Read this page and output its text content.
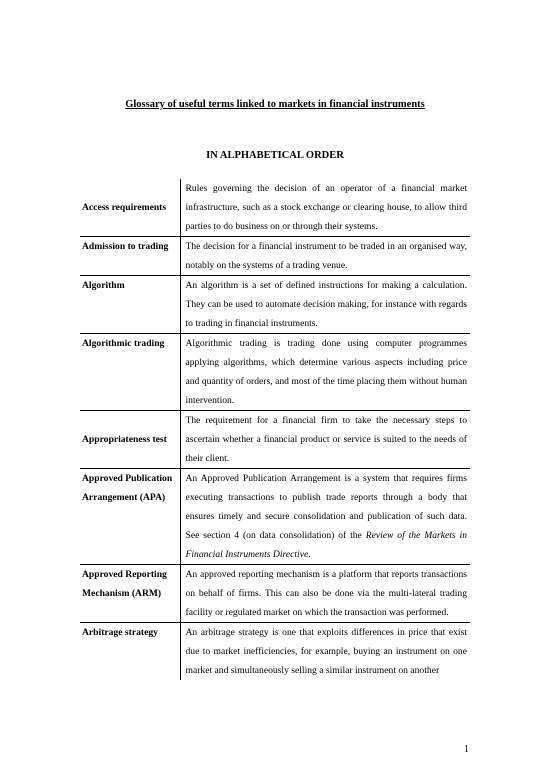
Glossary of useful terms linked to markets in financial instruments
IN ALPHABETICAL ORDER
Access requirements	Rules governing the decision of an operator of a financial market infrastructure, such as a stock exchange or clearing house, to allow third parties to do business on or through their systems.
Admission to trading	The decision for a financial instrument to be traded in an organised way, notably on the systems of a trading venue.
Algorithm	An algorithm is a set of defined instructions for making a calculation. They can be used to automate decision making, for instance with regards to trading in financial instruments.
Algorithmic trading	Algorithmic trading is trading done using computer programmes applying algorithms, which determine various aspects including price and quantity of orders, and most of the time placing them without human intervention.
Appropriateness test	The requirement for a financial firm to take the necessary steps to ascertain whether a financial product or service is suited to the needs of their client.
Approved Publication Arrangement (APA)	An Approved Publication Arrangement is a system that requires firms executing transactions to publish trade reports through a body that ensures timely and secure consolidation and publication of such data. See section 4 (on data consolidation) of the Review of the Markets in Financial Instruments Directive.
Approved Reporting Mechanism (ARM)	An approved reporting mechanism is a platform that reports transactions on behalf of firms. This can also be done via the multi-lateral trading facility or regulated market on which the transaction was performed.
Arbitrage strategy	An arbitrage strategy is one that exploits differences in price that exist due to market inefficiencies, for example, buying an instrument on one market and simultaneously selling a similar instrument on another
1
